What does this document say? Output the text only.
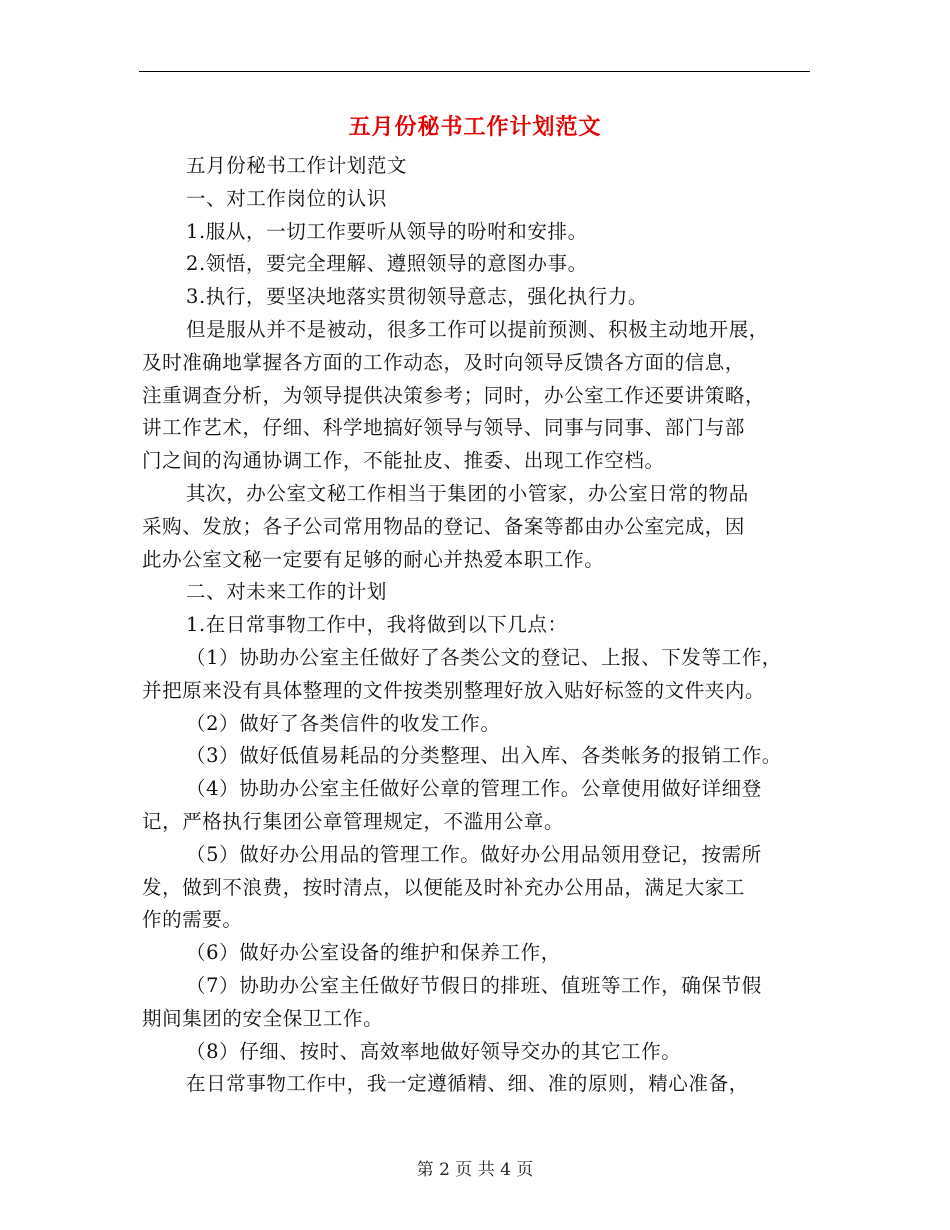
五月份秘书工作计划范文
五月份秘书工作计划范文
一、对工作岗位的认识
1.服从，一切工作要听从领导的吩咐和安排。
2.领悟，要完全理解、遵照领导的意图办事。
3.执行，要坚决地落实贯彻领导意志，强化执行力。
但是服从并不是被动，很多工作可以提前预测、积极主动地开展，
及时准确地掌握各方面的工作动态，及时向领导反馈各方面的信息，
注重调查分析，为领导提供决策参考；同时，办公室工作还要讲策略，
讲工作艺术，仔细、科学地搞好领导与领导、同事与同事、部门与部
门之间的沟通协调工作，不能扯皮、推委、出现工作空档。
其次，办公室文秘工作相当于集团的小管家，办公室日常的物品
采购、发放；各子公司常用物品的登记、备案等都由办公室完成，因
此办公室文秘一定要有足够的耐心并热爱本职工作。
二、对未来工作的计划
1.在日常事物工作中，我将做到以下几点：
（1）协助办公室主任做好了各类公文的登记、上报、下发等工作，
并把原来没有具体整理的文件按类别整理好放入贴好标签的文件夹内。
（2）做好了各类信件的收发工作。
（3）做好低值易耗品的分类整理、出入库、各类帐务的报销工作。
（4）协助办公室主任做好公章的管理工作。公章使用做好详细登
记，严格执行集团公章管理规定，不滥用公章。
（5）做好办公用品的管理工作。做好办公用品领用登记，按需所
发，做到不浪费，按时清点，以便能及时补充办公用品，满足大家工
作的需要。
（6）做好办公室设备的维护和保养工作，
（7）协助办公室主任做好节假日的排班、值班等工作，确保节假
期间集团的安全保卫工作。
（8）仔细、按时、高效率地做好领导交办的其它工作。
在日常事物工作中，我一定遵循精、细、准的原则，精心准备，
第 2 页 共 4 页
